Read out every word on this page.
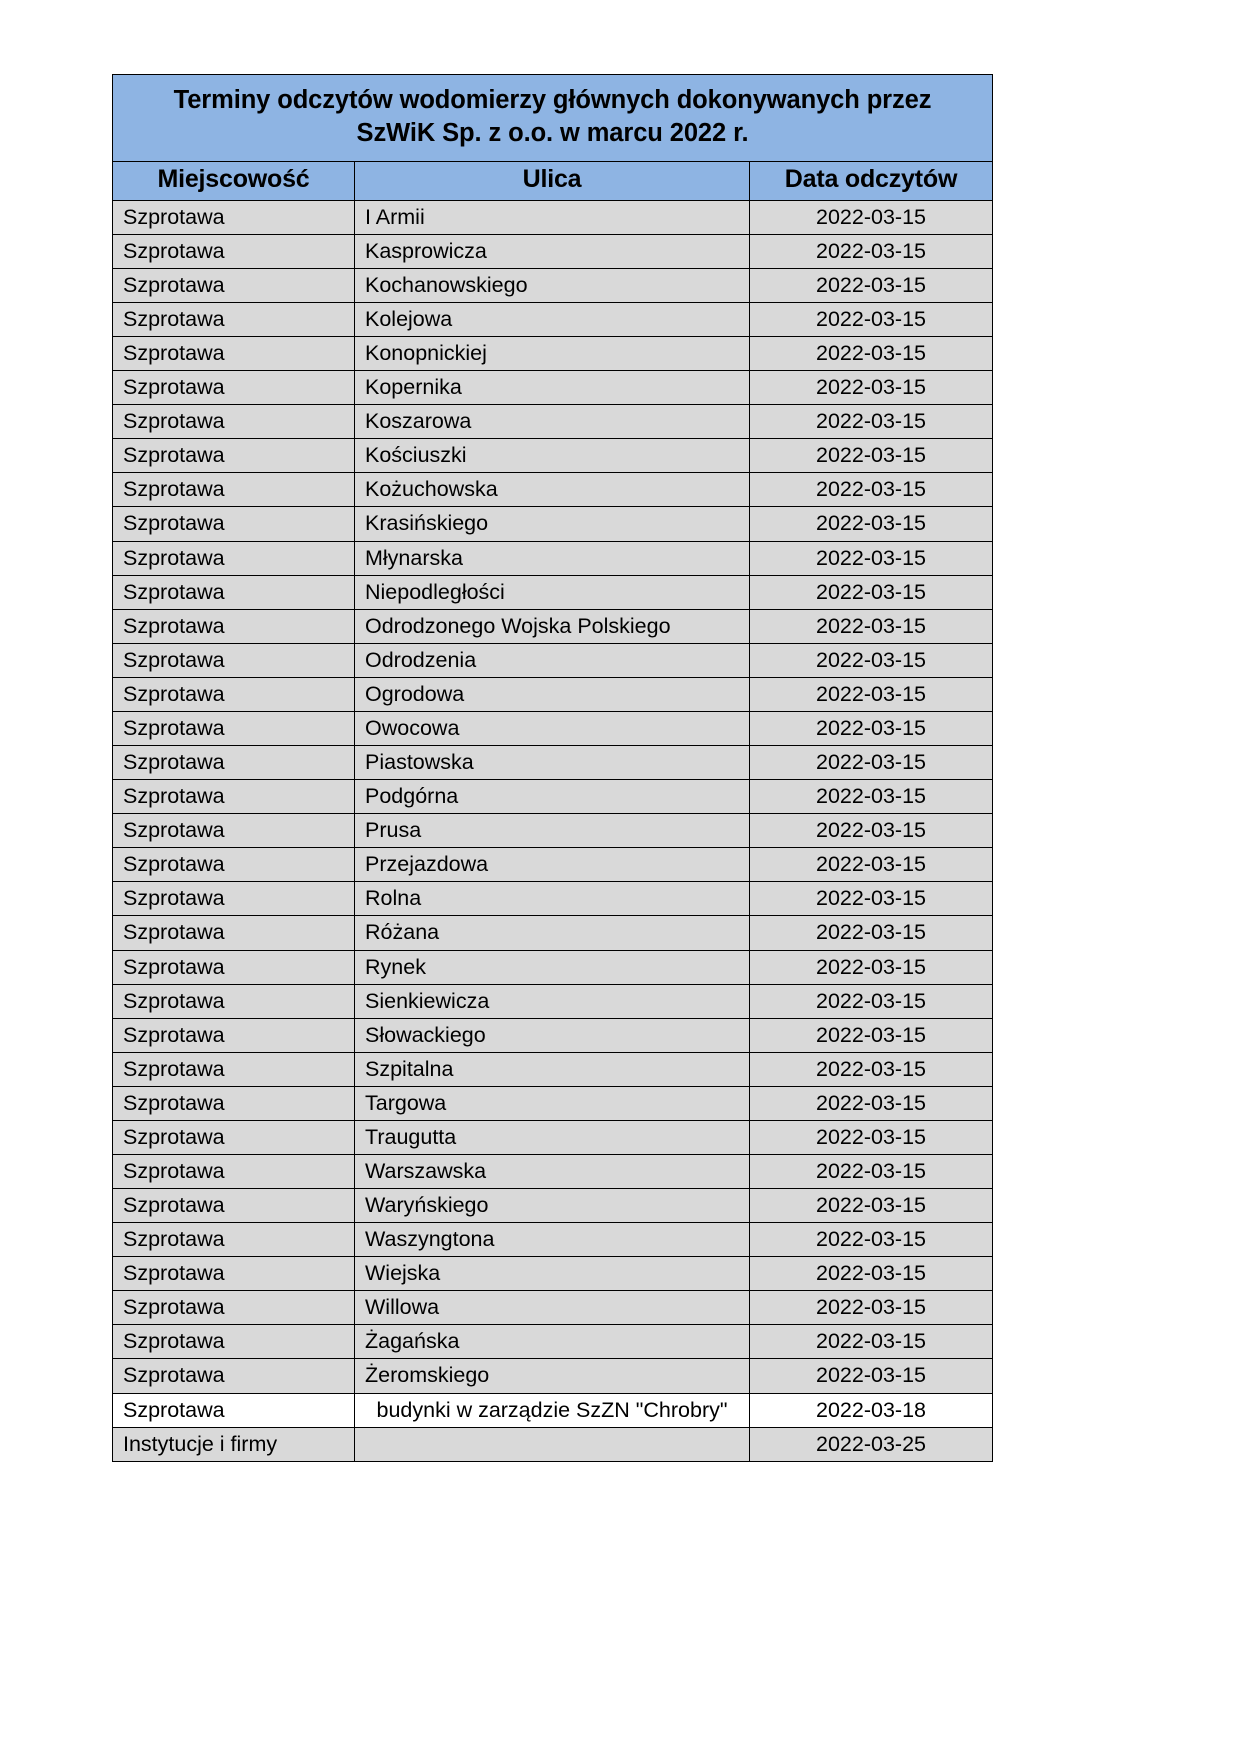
Terminy odczytów wodomierzy głównych dokonywanych przez
SzWiK Sp. z o.o. w marcu 2022 r.		
Miejscowość	Ulica	Data odczytów
Szprotawa	I Armii	2022-03-15
Szprotawa	Kasprowicza	2022-03-15
Szprotawa	Kochanowskiego	2022-03-15
Szprotawa	Kolejowa	2022-03-15
Szprotawa	Konopnickiej	2022-03-15
Szprotawa	Kopernika	2022-03-15
Szprotawa	Koszarowa	2022-03-15
Szprotawa	Kościuszki	2022-03-15
Szprotawa	Kożuchowska	2022-03-15
Szprotawa	Krasińskiego	2022-03-15
Szprotawa	Młynarska	2022-03-15
Szprotawa	Niepodległości	2022-03-15
Szprotawa	Odrodzonego Wojska Polskiego	2022-03-15
Szprotawa	Odrodzenia	2022-03-15
Szprotawa	Ogrodowa	2022-03-15
Szprotawa	Owocowa	2022-03-15
Szprotawa	Piastowska	2022-03-15
Szprotawa	Podgórna	2022-03-15
Szprotawa	Prusa	2022-03-15
Szprotawa	Przejazdowa	2022-03-15
Szprotawa	Rolna	2022-03-15
Szprotawa	Różana	2022-03-15
Szprotawa	Rynek	2022-03-15
Szprotawa	Sienkiewicza	2022-03-15
Szprotawa	Słowackiego	2022-03-15
Szprotawa	Szpitalna	2022-03-15
Szprotawa	Targowa	2022-03-15
Szprotawa	Traugutta	2022-03-15
Szprotawa	Warszawska	2022-03-15
Szprotawa	Waryńskiego	2022-03-15
Szprotawa	Waszyngtona	2022-03-15
Szprotawa	Wiejska	2022-03-15
Szprotawa	Willowa	2022-03-15
Szprotawa	Żagańska	2022-03-15
Szprotawa	Żeromskiego	2022-03-15
Szprotawa	budynki w zarządzie SzZN "Chrobry"	2022-03-18
Instytucje i firmy		2022-03-25
